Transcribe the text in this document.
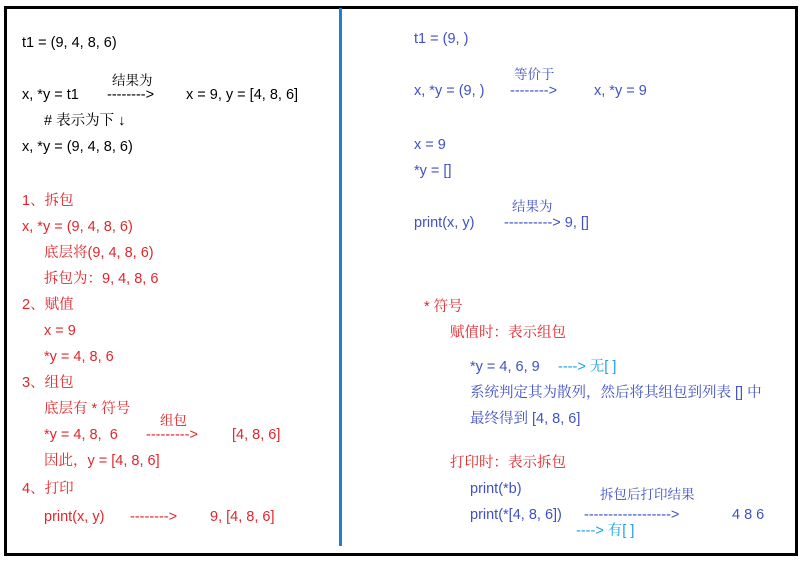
t1 = (9, 4, 8, 6)
结果为
x, *y = t1 --------> x = 9, y = [4, 8, 6]
# 表示为下 ↓
x, *y = (9, 4, 8, 6)
1、拆包
x, *y = (9, 4, 8, 6)
底层将(9, 4, 8, 6)
拆包为：9, 4, 8, 6
2、赋值
x = 9
*y = 4, 8, 6
3、组包
底层有 * 符号
组包
*y = 4, 8,  6 ---------> [4, 8, 6]
因此，y = [4, 8, 6]
4、打印
print(x, y) --------> 9, [4, 8, 6]
t1 = (9, )
等价于
x, *y = (9, ) -------->	x, *y = 9
x = 9
*y = []
结果为
print(x, y) ----------> 9, []
* 符号
赋值时：表示组包
*y = 4, 6, 9 ----> 无[ ]
系统判定其为散列，然后将其组包到列表 [] 中
最终得到 [4, 8, 6]
打印时：表示拆包
print(*b)	拆包后打印结果
print(*[4, 8, 6]) ------------------>	4 8 6
----> 有[ ]
